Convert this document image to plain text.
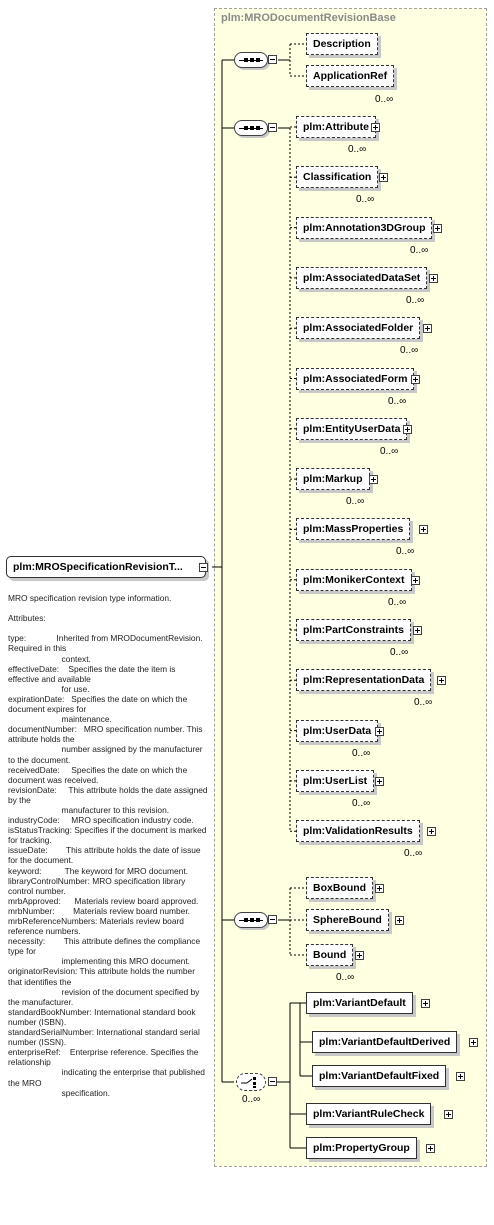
plm:MRODocumentRevisionBase
plm:MROSpecificationRevisionT...
MRO specification revision type information.

Attributes:

type:             Inherited from MRODocumentRevision. Required in this
context.
effectiveDate:    Specifies the date the item is effective and available
for use.
expirationDate:   Specifies the date on which the document expires for
maintenance.
documentNumber:   MRO specification number. This attribute holds the
number assigned by the manufacturer to the document.
receivedDate:     Specifies the date on which the document was received.
revisionDate:     This attribute holds the date assigned by the
manufacturer to this revision.
industryCode:     MRO specification industry code.
isStatusTracking: Specifies if the document is marked for tracking.
issueDate:        This attribute holds the date of issue for the document.
keyword:          The keyword for MRO document.
libraryControlNumber: MRO specification library control number.
mrbApproved:      Materials review board approved.
mrbNumber:        Materials review board number.
mrbReferenceNumbers: Materials review board reference numbers.
necessity:        This attribute defines the compliance type for
implementing this MRO document.
originatorRevision: This attribute holds the number that identifies the
revision of the document specified by the manufacturer.
standardBookNumber: International standard book number (ISBN).
standardSerialNumber: International standard serial number (ISSN).
enterpriseRef:    Enterprise reference. Specifies the relationship
indicating the enterprise that published the MRO
specification.
0..∞
Description
ApplicationRef
0..∞
plm:Attribute
0..∞
Classification
0..∞
plm:Annotation3DGroup
0..∞
plm:AssociatedDataSet
0..∞
plm:AssociatedFolder
0..∞
plm:AssociatedForm
0..∞
plm:EntityUserData
0..∞
plm:Markup
0..∞
plm:MassProperties
0..∞
plm:MonikerContext
0..∞
plm:PartConstraints
0..∞
plm:RepresentationData
0..∞
plm:UserData
0..∞
plm:UserList
0..∞
plm:ValidationResults
0..∞
BoxBound
SphereBound
Bound
0..∞
plm:VariantDefault
plm:VariantDefaultDerived
plm:VariantDefaultFixed
plm:VariantRuleCheck
plm:PropertyGroup
